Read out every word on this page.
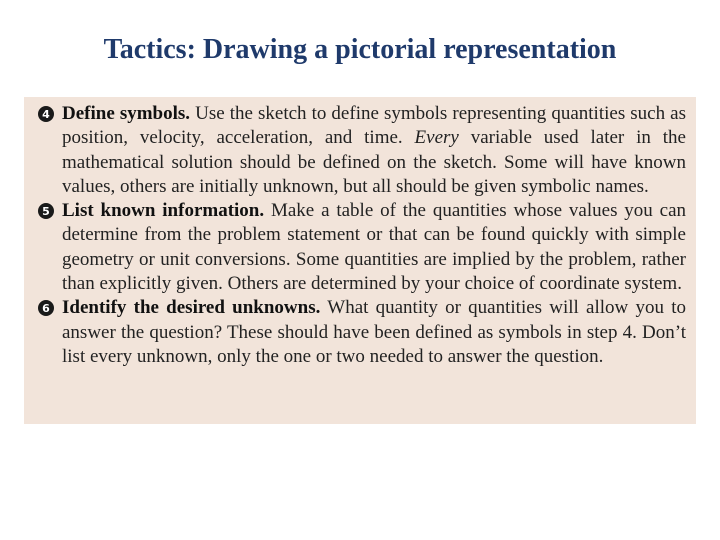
Tactics: Drawing a pictorial representation
4 Define symbols. Use the sketch to define symbols representing quantities such as position, velocity, acceleration, and time. Every variable used later in the mathematical solution should be defined on the sketch. Some will have known values, others are initially unknown, but all should be given symbolic names.
5 List known information. Make a table of the quantities whose values you can determine from the problem statement or that can be found quickly with simple geometry or unit conversions. Some quantities are implied by the problem, rather than explicitly given. Others are determined by your choice of coordinate system.
6 Identify the desired unknowns. What quantity or quantities will allow you to answer the question? These should have been defined as symbols in step 4. Don’t list every unknown, only the one or two needed to answer the question.
